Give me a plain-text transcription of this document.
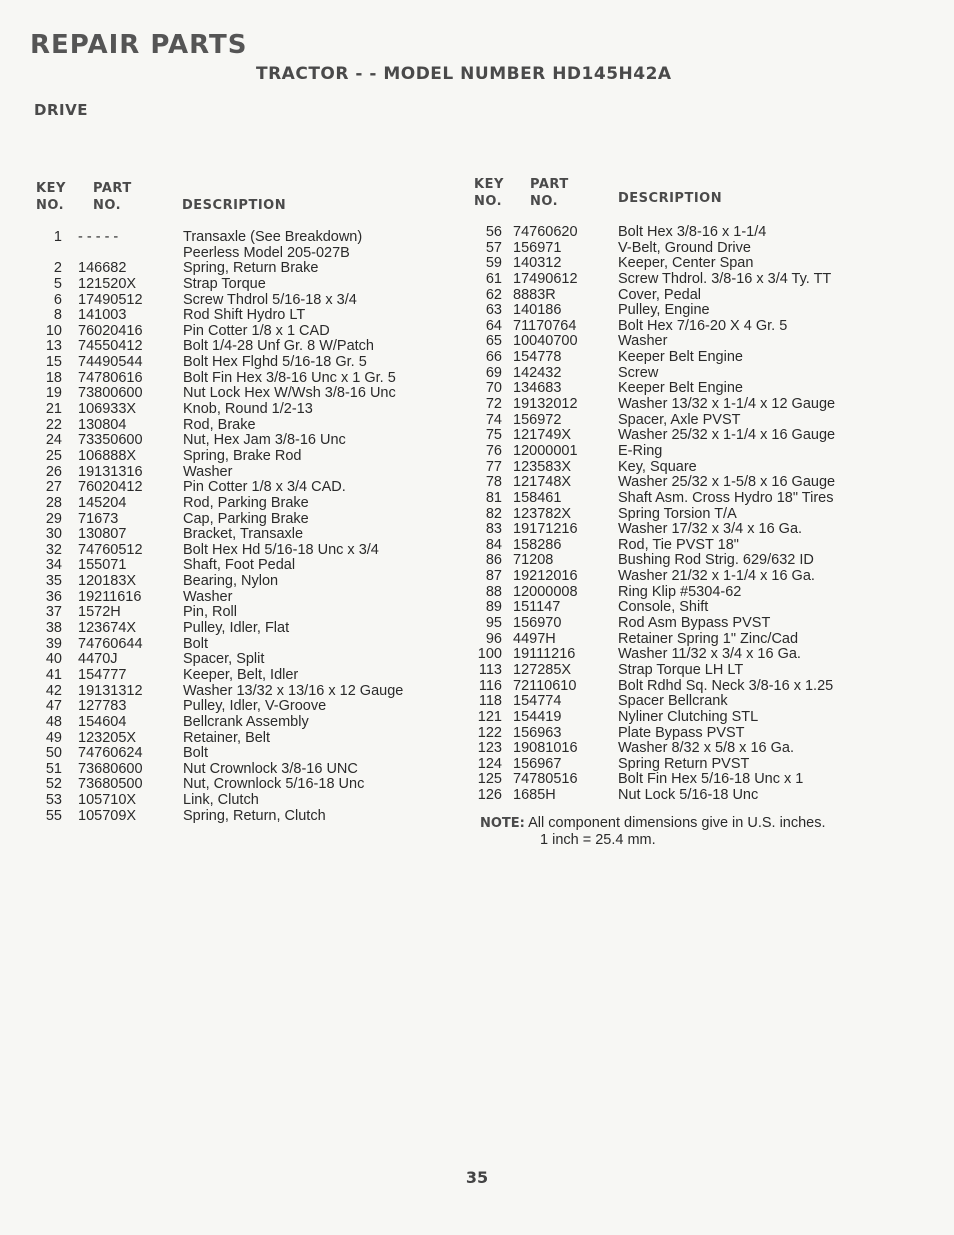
REPAIR PARTS
TRACTOR - - MODEL NUMBER HD145H42A
DRIVE
KEY
NO.
PART
NO.	DESCRIPTION
KEY
NO.
PART
NO.	DESCRIPTION
1 - - - - -	Transaxle (See Breakdown)
Peerless Model 205-027B
2 146682	Spring, Return Brake
5 121520X	Strap Torque
6 17490512	Screw Thdrol 5/16-18 x 3/4
8 141003	Rod Shift Hydro LT
10 76020416	Pin Cotter 1/8 x 1 CAD
13 74550412	Bolt 1/4-28 Unf Gr. 8 W/Patch
15 74490544	Bolt Hex Flghd 5/16-18 Gr. 5
18 74780616	Bolt Fin Hex 3/8-16 Unc x 1 Gr. 5
19 73800600	Nut Lock Hex W/Wsh 3/8-16 Unc
21 106933X	Knob, Round 1/2-13
22 130804	Rod, Brake
24 73350600	Nut, Hex Jam 3/8-16 Unc
25 106888X	Spring, Brake Rod
26 19131316	Washer
27 76020412	Pin Cotter 1/8 x 3/4 CAD.
28 145204	Rod, Parking Brake
29 71673	Cap, Parking Brake
30 130807	Bracket, Transaxle
32 74760512	Bolt Hex Hd 5/16-18 Unc x 3/4
34 155071	Shaft, Foot Pedal
35 120183X	Bearing, Nylon
36 19211616	Washer
37 1572H	Pin, Roll
38 123674X	Pulley, Idler, Flat
39 74760644	Bolt
40 4470J	Spacer, Split
41 154777	Keeper, Belt, Idler
42 19131312	Washer 13/32 x 13/16 x 12 Gauge
47 127783	Pulley, Idler, V-Groove
48 154604	Bellcrank Assembly
49 123205X	Retainer, Belt
50 74760624	Bolt
51 73680600	Nut Crownlock 3/8-16 UNC
52 73680500	Nut, Crownlock 5/16-18 Unc
53 105710X	Link, Clutch
55 105709X	Spring, Return, Clutch
56 74760620	Bolt Hex 3/8-16 x 1-1/4
57 156971	V-Belt, Ground Drive
59 140312	Keeper, Center Span
61 17490612	Screw Thdrol. 3/8-16 x 3/4 Ty. TT
62 8883R	Cover, Pedal
63 140186	Pulley, Engine
64 71170764	Bolt Hex 7/16-20 X 4 Gr. 5
65 10040700	Washer
66 154778	Keeper Belt Engine
69 142432	Screw
70 134683	Keeper Belt Engine
72 19132012	Washer 13/32 x 1-1/4 x 12 Gauge
74 156972	Spacer, Axle PVST
75 121749X	Washer 25/32 x 1-1/4 x 16 Gauge
76 12000001	E-Ring
77 123583X	Key, Square
78 121748X	Washer 25/32 x 1-5/8 x 16 Gauge
81 158461	Shaft Asm. Cross Hydro 18" Tires
82 123782X	Spring Torsion T/A
83 19171216	Washer 17/32 x 3/4 x 16 Ga.
84 158286	Rod, Tie PVST 18"
86 71208	Bushing Rod Strig. 629/632 ID
87 19212016	Washer 21/32 x 1-1/4 x 16 Ga.
88 12000008	Ring Klip #5304-62
89 151147	Console, Shift
95 156970	Rod Asm Bypass PVST
96 4497H	Retainer Spring 1" Zinc/Cad
100 19111216	Washer 11/32 x 3/4 x 16 Ga.
113 127285X	Strap Torque LH LT
116 72110610	Bolt Rdhd Sq. Neck 3/8-16 x 1.25
118 154774	Spacer Bellcrank
121 154419	Nyliner Clutching STL
122 156963	Plate Bypass PVST
123 19081016	Washer 8/32 x 5/8 x 16 Ga.
124 156967	Spring Return PVST
125 74780516	Bolt Fin Hex 5/16-18 Unc x 1
126 1685H	Nut Lock 5/16-18 Unc
NOTE: All component dimensions give in U.S. inches.
1 inch = 25.4 mm.
35
